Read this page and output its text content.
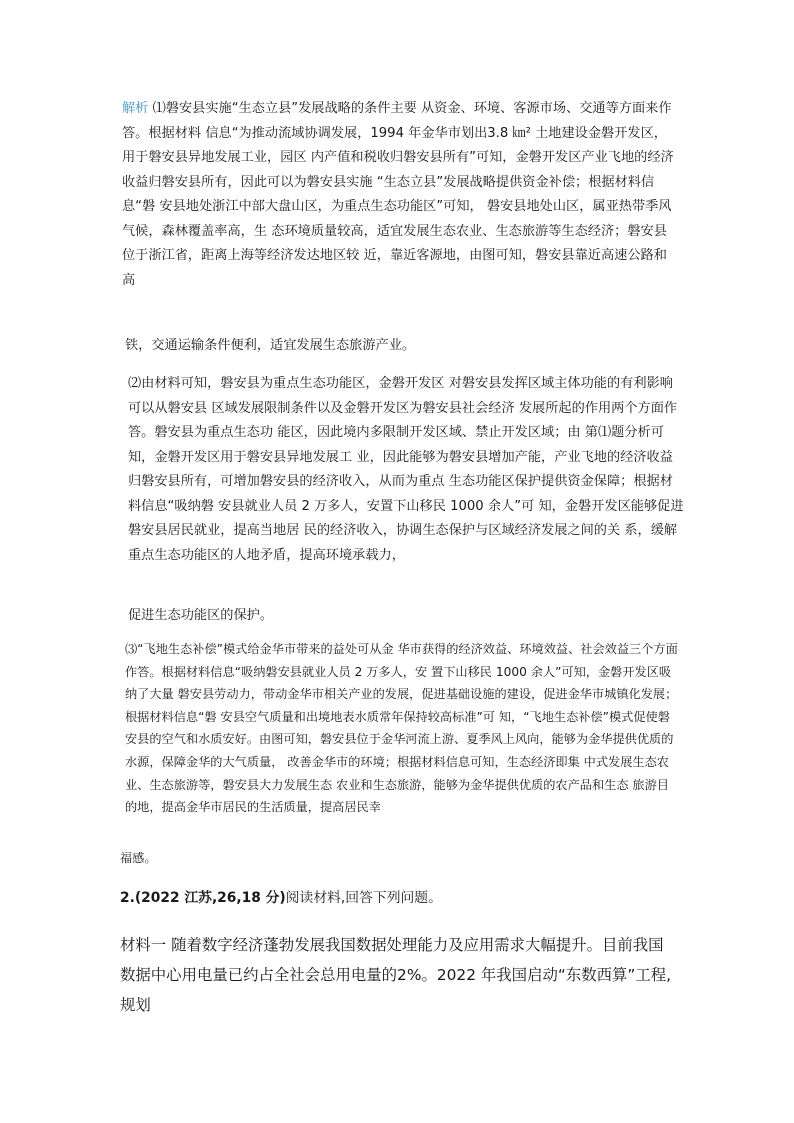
解析 ⑴磐安县实施“生态立县”发展战略的条件主要 从资金、环境、客源市场、交通等方面来作答。根据材料 信息“为推动流域协调发展，1994 年金华市划出3.8 ㎞² 土地建设金磐开发区，用于磐安县异地发展工业，园区 内产值和税收归磐安县所有”可知，金磐开发区产业飞地的经济收益归磐安县所有，因此可以为磐安县实施 “生态立县”发展战略提供资金补偿；根据材料信息“磐 安县地处浙江中部大盘山区，为重点生态功能区”可知， 磐安县地处山区，属亚热带季风气候，森林覆盖率高，生 态环境质量较高，适宜发展生态农业、生态旅游等生态经济；磐安县位于浙江省，距离上海等经济发达地区较 近，靠近客源地，由图可知，磐安县靠近高速公路和高

铁，交通运输条件便利，适宜发展生态旅游产业。

⑵由材料可知，磐安县为重点生态功能区，金磐开发区 对磐安县发挥区域主体功能的有利影响可以从磐安县 区域发展限制条件以及金磐开发区为磐安县社会经济 发展所起的作用两个方面作答。磐安县为重点生态功 能区，因此境内多限制开发区域、禁止开发区域；由 第⑴题分析可知，金磐开发区用于磐安县异地发展工 业，因此能够为磐安县增加产能，产业飞地的经济收益 归磐安县所有，可增加磐安县的经济收入，从而为重点 生态功能区保护提供资金保障；根据材料信息“吸纳磐 安县就业人员 2 万多人，安置下山移民 1000 余人”可 知，金磐开发区能够促进磐安县居民就业，提高当地居 民的经济收入，协调生态保护与区域经济发展之间的关 系，缓解重点生态功能区的人地矛盾，提高环境承载力，

促进生态功能区的保护。

⑶“飞地生态补偿”模式给金华市带来的益处可从金 华市获得的经济效益、环境效益、社会效益三个方面作答。根据材料信息“吸纳磐安县就业人员 2 万多人，安 置下山移民 1000 余人”可知，金磐开发区吸纳了大量 磐安县劳动力，带动金华市相关产业的发展，促进基础设施的建设，促进金华市城镇化发展；根据材料信息“磐 安县空气质量和出境地表水质常年保持较高标准”可 知，“飞地生态补偿”模式促使磐安县的空气和水质安好。由图可知，磐安县位于金华河流上游、夏季风上风向，能够为金华提供优质的水源，保障金华的大气质量， 改善金华市的环境；根据材料信息可知，生态经济即集 中式发展生态农业、生态旅游等，磐安县大力发展生态 农业和生态旅游，能够为金华提供优质的农产品和生态 旅游目的地，提高金华市居民的生活质量，提高居民幸

福感。

2.(2022 江苏,26,18 分)阅读材料,回答下列问题。

材料一 随着数字经济蓬勃发展我国数据处理能力及应用需求大幅提升。目前我国数据中心用电量已约占全社会总用电量的2%。2022 年我国启动“东数西算”工程,规划
